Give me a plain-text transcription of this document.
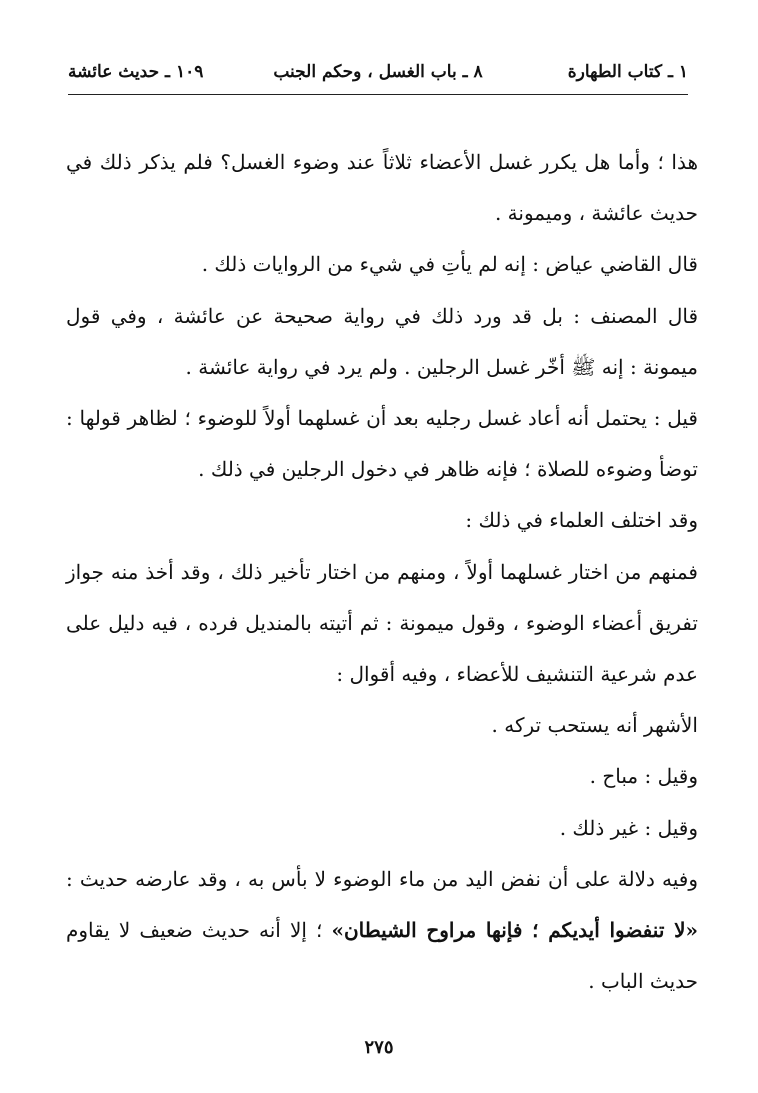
١ ـ كتاب الطهارة
٨ ـ باب الغسل ، وحكم الجنب
١٠٩ ـ حديث عائشة

هذا ؛ وأما هل يكرر غسل الأعضاء ثلاثاً عند وضوء الغسل؟ فلم يذكر ذلك في حديث عائشة ، وميمونة .

قال القاضي عياض : إنه لم يأتِ في شيء من الروايات ذلك .

قال المصنف : بل قد ورد ذلك في رواية صحيحة عن عائشة ، وفي قول ميمونة : إنه ﷺ أخّر غسل الرجلين . ولم يرد في رواية عائشة .

قيل : يحتمل أنه أعاد غسل رجليه بعد أن غسلهما أولاً للوضوء ؛ لظاهر قولها : توضأ وضوءه للصلاة ؛ فإنه ظاهر في دخول الرجلين في ذلك .

وقد اختلف العلماء في ذلك :

فمنهم من اختار غسلهما أولاً ، ومنهم من اختار تأخير ذلك ، وقد أخذ منه جواز تفريق أعضاء الوضوء ، وقول ميمونة : ثم أتيته بالمنديل فرده ، فيه دليل على عدم شرعية التنشيف للأعضاء ، وفيه أقوال :

الأشهر أنه يستحب تركه .

وقيل : مباح .

وقيل : غير ذلك .

وفيه دلالة على أن نفض اليد من ماء الوضوء لا بأس به ، وقد عارضه حديث : «لا تنفضوا أيديكم ؛ فإنها مراوح الشيطان» ؛ إلا أنه حديث ضعيف لا يقاوم حديث الباب .

٢٧٥
